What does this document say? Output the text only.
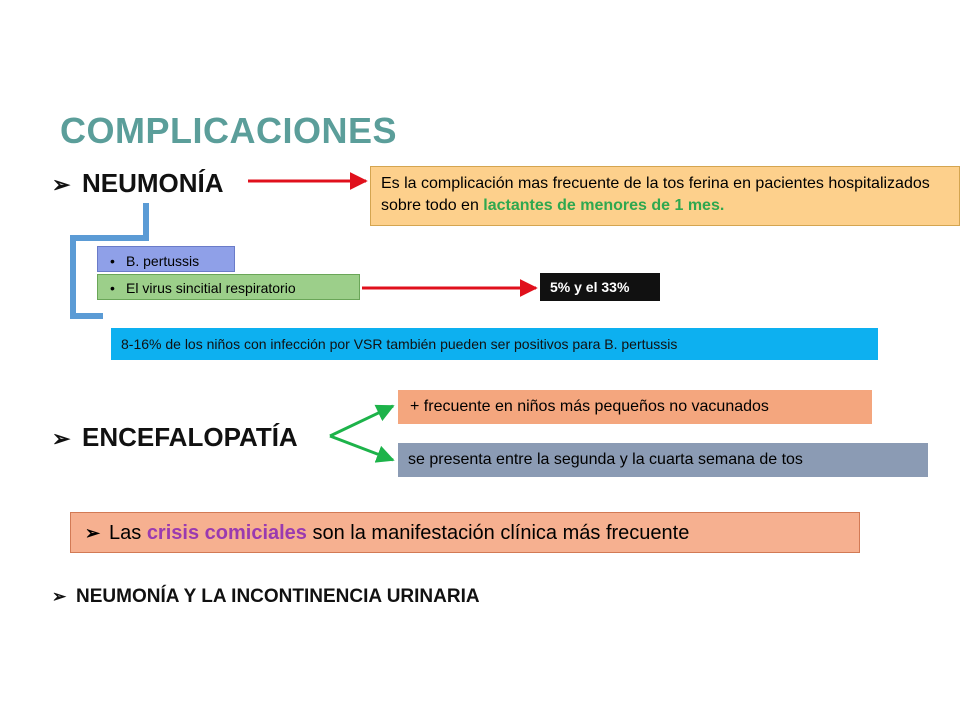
COMPLICACIONES
➢ NEUMONÍA	Es la complicación mas frecuente de la tos ferina en pacientes hospitalizados sobre todo en lactantes de menores de 1 mes.
• B. pertussis
• El virus sincitial respiratorio	5% y el 33%
8-16% de los niños con infección por VSR también pueden ser positivos para B. pertussis
➢ ENCEFALOPATÍA
+ frecuente en niños más pequeños no vacunados
se presenta entre la segunda y la cuarta semana de tos
➢ Las crisis comiciales son la manifestación clínica más frecuente
➢ NEUMONÍA Y LA INCONTINENCIA URINARIA
